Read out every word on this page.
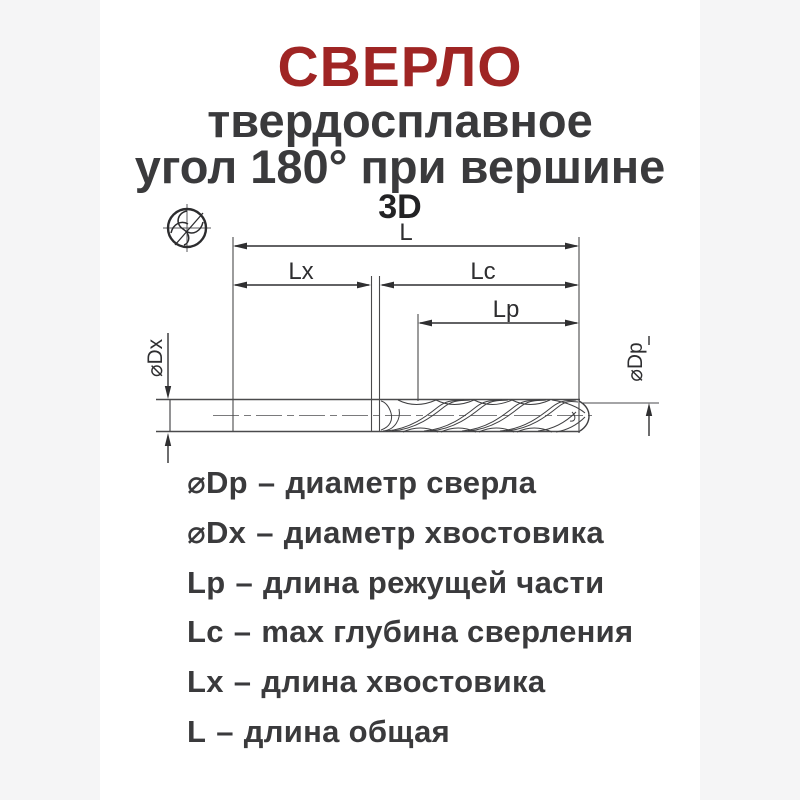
СВЕРЛО
твердосплавное
угол 180° при вершине
3D
L
Lx	Lc
Lp
⌀Dx	⌀Dp
⌀Dp – диаметр сверла
⌀Dx – диаметр хвостовика
Lp – длина режущей части
Lc – max глубина сверления
Lx – длина хвостовика
L – длина общая
